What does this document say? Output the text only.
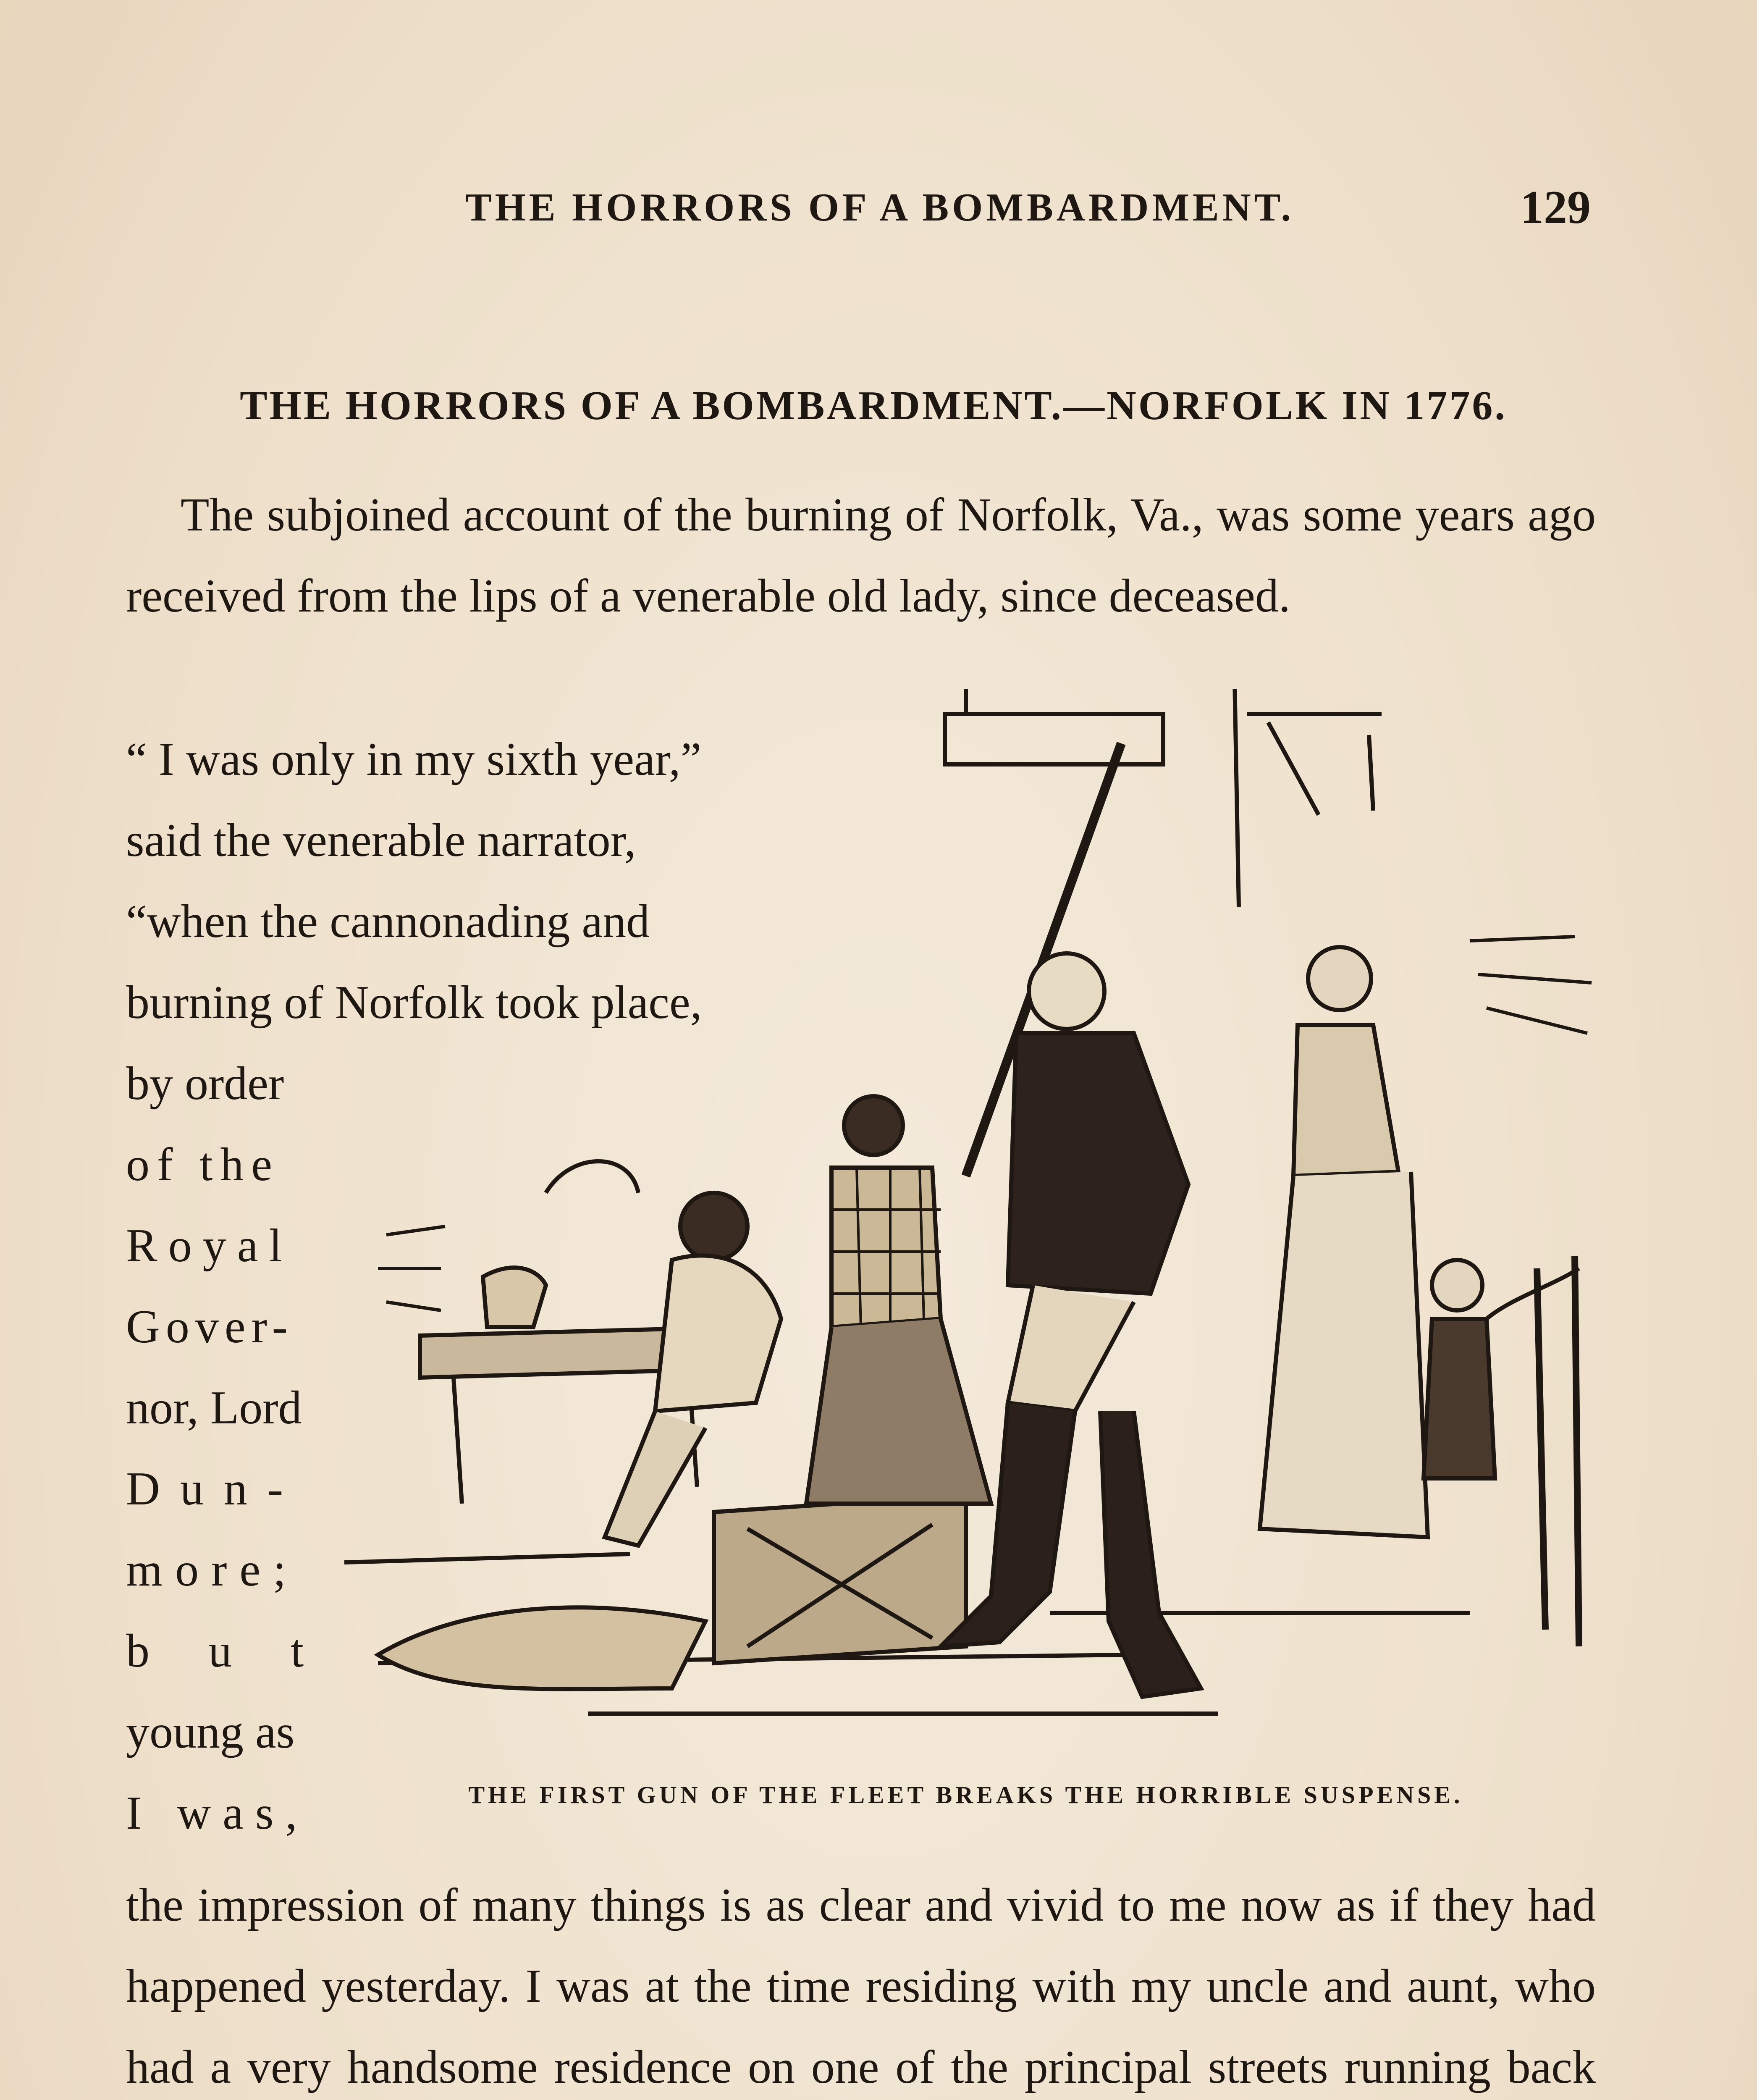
THE HORRORS OF A BOMBARDMENT.	129
THE HORRORS OF A BOMBARDMENT.—NORFOLK IN 1776.

The subjoined account of the burning of Norfolk, Va., was some years ago received from the lips of a venerable old lady, since deceased.

“ I was only in my sixth year,”
said the venerable narrator,
“when the cannonading and
burning of Norfolk took place,
by order
of the
Royal
Gover-
nor, Lord
Dun-
more;
but
young as
I was,	THE FIRST GUN OF THE FLEET BREAKS THE HORRIBLE SUSPENSE.

the impression of many things is as clear and vivid to me now as if they had happened yesterday. I was at the time residing with my uncle and aunt, who had a very handsome residence on one of the principal streets running back
